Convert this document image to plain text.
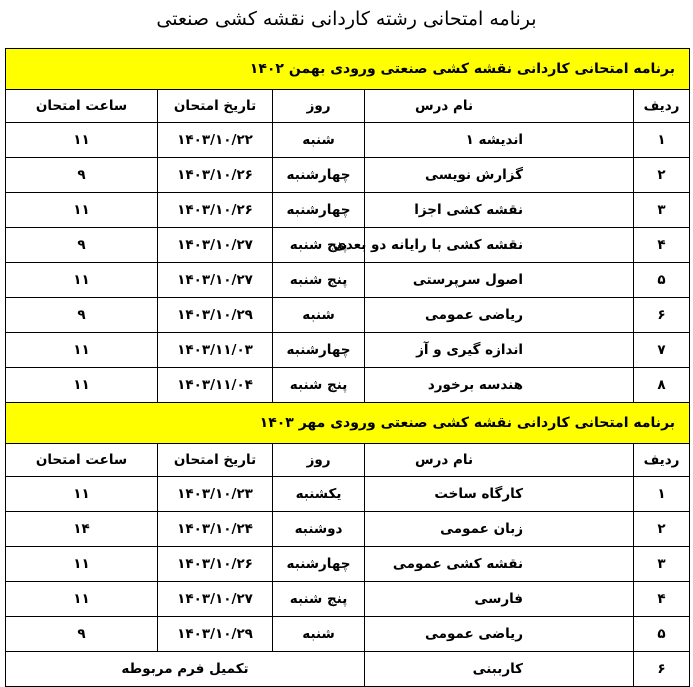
برنامه امتحانی رشته کاردانی نقشه کشی صنعتی
برنامه امتحانی کاردانی نقشه کشی صنعتی ورودی بهمن ۱۴۰۲				
ردیف	نام درس	روز	تاریخ امتحان	ساعت امتحان
۱	اندیشه ۱	شنبه	۱۴۰۳/۱۰/۲۲	۱۱
۲	گزارش نویسی	چهارشنبه	۱۴۰۳/۱۰/۲۶	۹
۳	نقشه کشی اجزا	چهارشنبه	۱۴۰۳/۱۰/۲۶	۱۱
۴	نقشه کشی با رایانه دو بعدی	پنج شنبه	۱۴۰۳/۱۰/۲۷	۹
۵	اصول سرپرستی	پنج شنبه	۱۴۰۳/۱۰/۲۷	۱۱
۶	ریاضی عمومی	شنبه	۱۴۰۳/۱۰/۲۹	۹
۷	اندازه گیری و آز	چهارشنبه	۱۴۰۳/۱۱/۰۳	۱۱
۸	هندسه برخورد	پنج شنبه	۱۴۰۳/۱۱/۰۴	۱۱
برنامه امتحانی کاردانی نقشه کشی صنعتی ورودی مهر ۱۴۰۳				
ردیف	نام درس	روز	تاریخ امتحان	ساعت امتحان
۱	کارگاه ساخت	یکشنبه	۱۴۰۳/۱۰/۲۳	۱۱
۲	زبان عمومی	دوشنبه	۱۴۰۳/۱۰/۲۴	۱۴
۳	نقشه کشی عمومی	چهارشنبه	۱۴۰۳/۱۰/۲۶	۱۱
۴	فارسی	پنج شنبه	۱۴۰۳/۱۰/۲۷	۱۱
۵	ریاضی عمومی	شنبه	۱۴۰۳/۱۰/۲۹	۹
۶	کارببنی	تکمیل فرم مربوطه		
